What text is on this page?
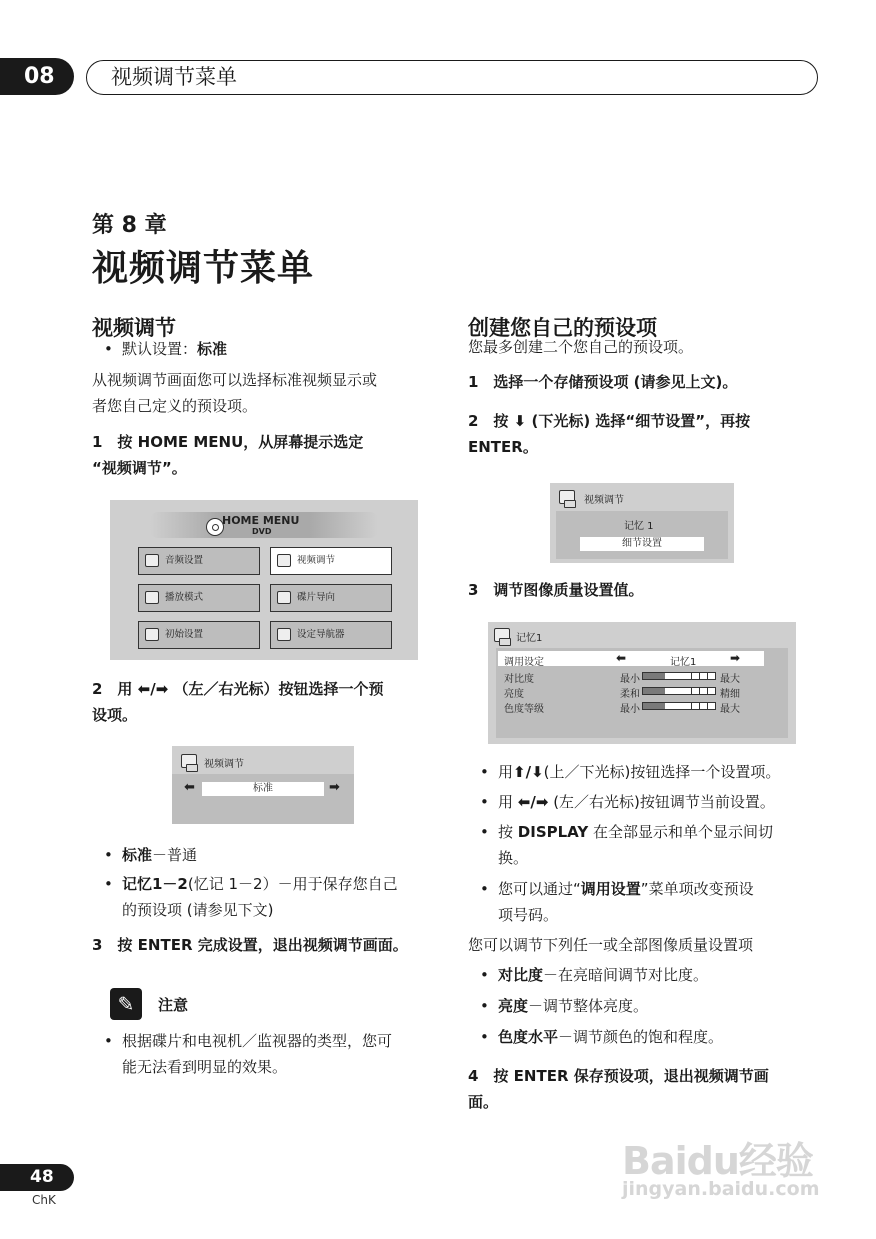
08	视频调节菜单
第 8 章
视频调节菜单
视频调节
• 默认设置：标准
从视频调节画面您可以选择标准视频显示或
者您自己定义的预设项。
1　按 HOME MENU，从屏幕提示选定
“视频调节”。
HOME MENU
DVD
音频设置	视频调节
播放模式	碟片导向
初始设置	设定导航器
2　用 ⬅/➡ （左／右光标）按钮选择一个预
设项。
视频调节
⬅	标准	➡
• 标准－普通
• 记忆1－2(忆记 1－2）－用于保存您自己
的预设项 (请参见下文)
3　按 ENTER 完成设置，退出视频调节画面。
✎	注意
• 根据碟片和电视机／监视器的类型，您可
能无法看到明显的效果。
创建您自己的预设项
您最多创建二个您自己的预设项。
1　选择一个存储预设项 (请参见上文)。
2　按 ⬇ (下光标) 选择“细节设置”，再按
ENTER。
视频调节
记忆 1
细节设置
3　调节图像质量设置值。
记忆1
调用设定	⬅	记忆1	➡
对比度	最小	最大
亮度	柔和	精细
色度等级	最小	最大
• 用⬆/⬇(上／下光标)按钮选择一个设置项。
• 用 ⬅/➡ (左／右光标)按钮调节当前设置。
• 按 DISPLAY 在全部显示和单个显示间切
换。
• 您可以通过“调用设置”菜单项改变预设
项号码。
您可以调节下列任一或全部图像质量设置项
• 对比度－在亮暗间调节对比度。
• 亮度－调节整体亮度。
• 色度水平－调节颜色的饱和程度。
4　按 ENTER 保存预设项，退出视频调节画
面。
48
ChK
Baidu经验
jingyan.baidu.com
